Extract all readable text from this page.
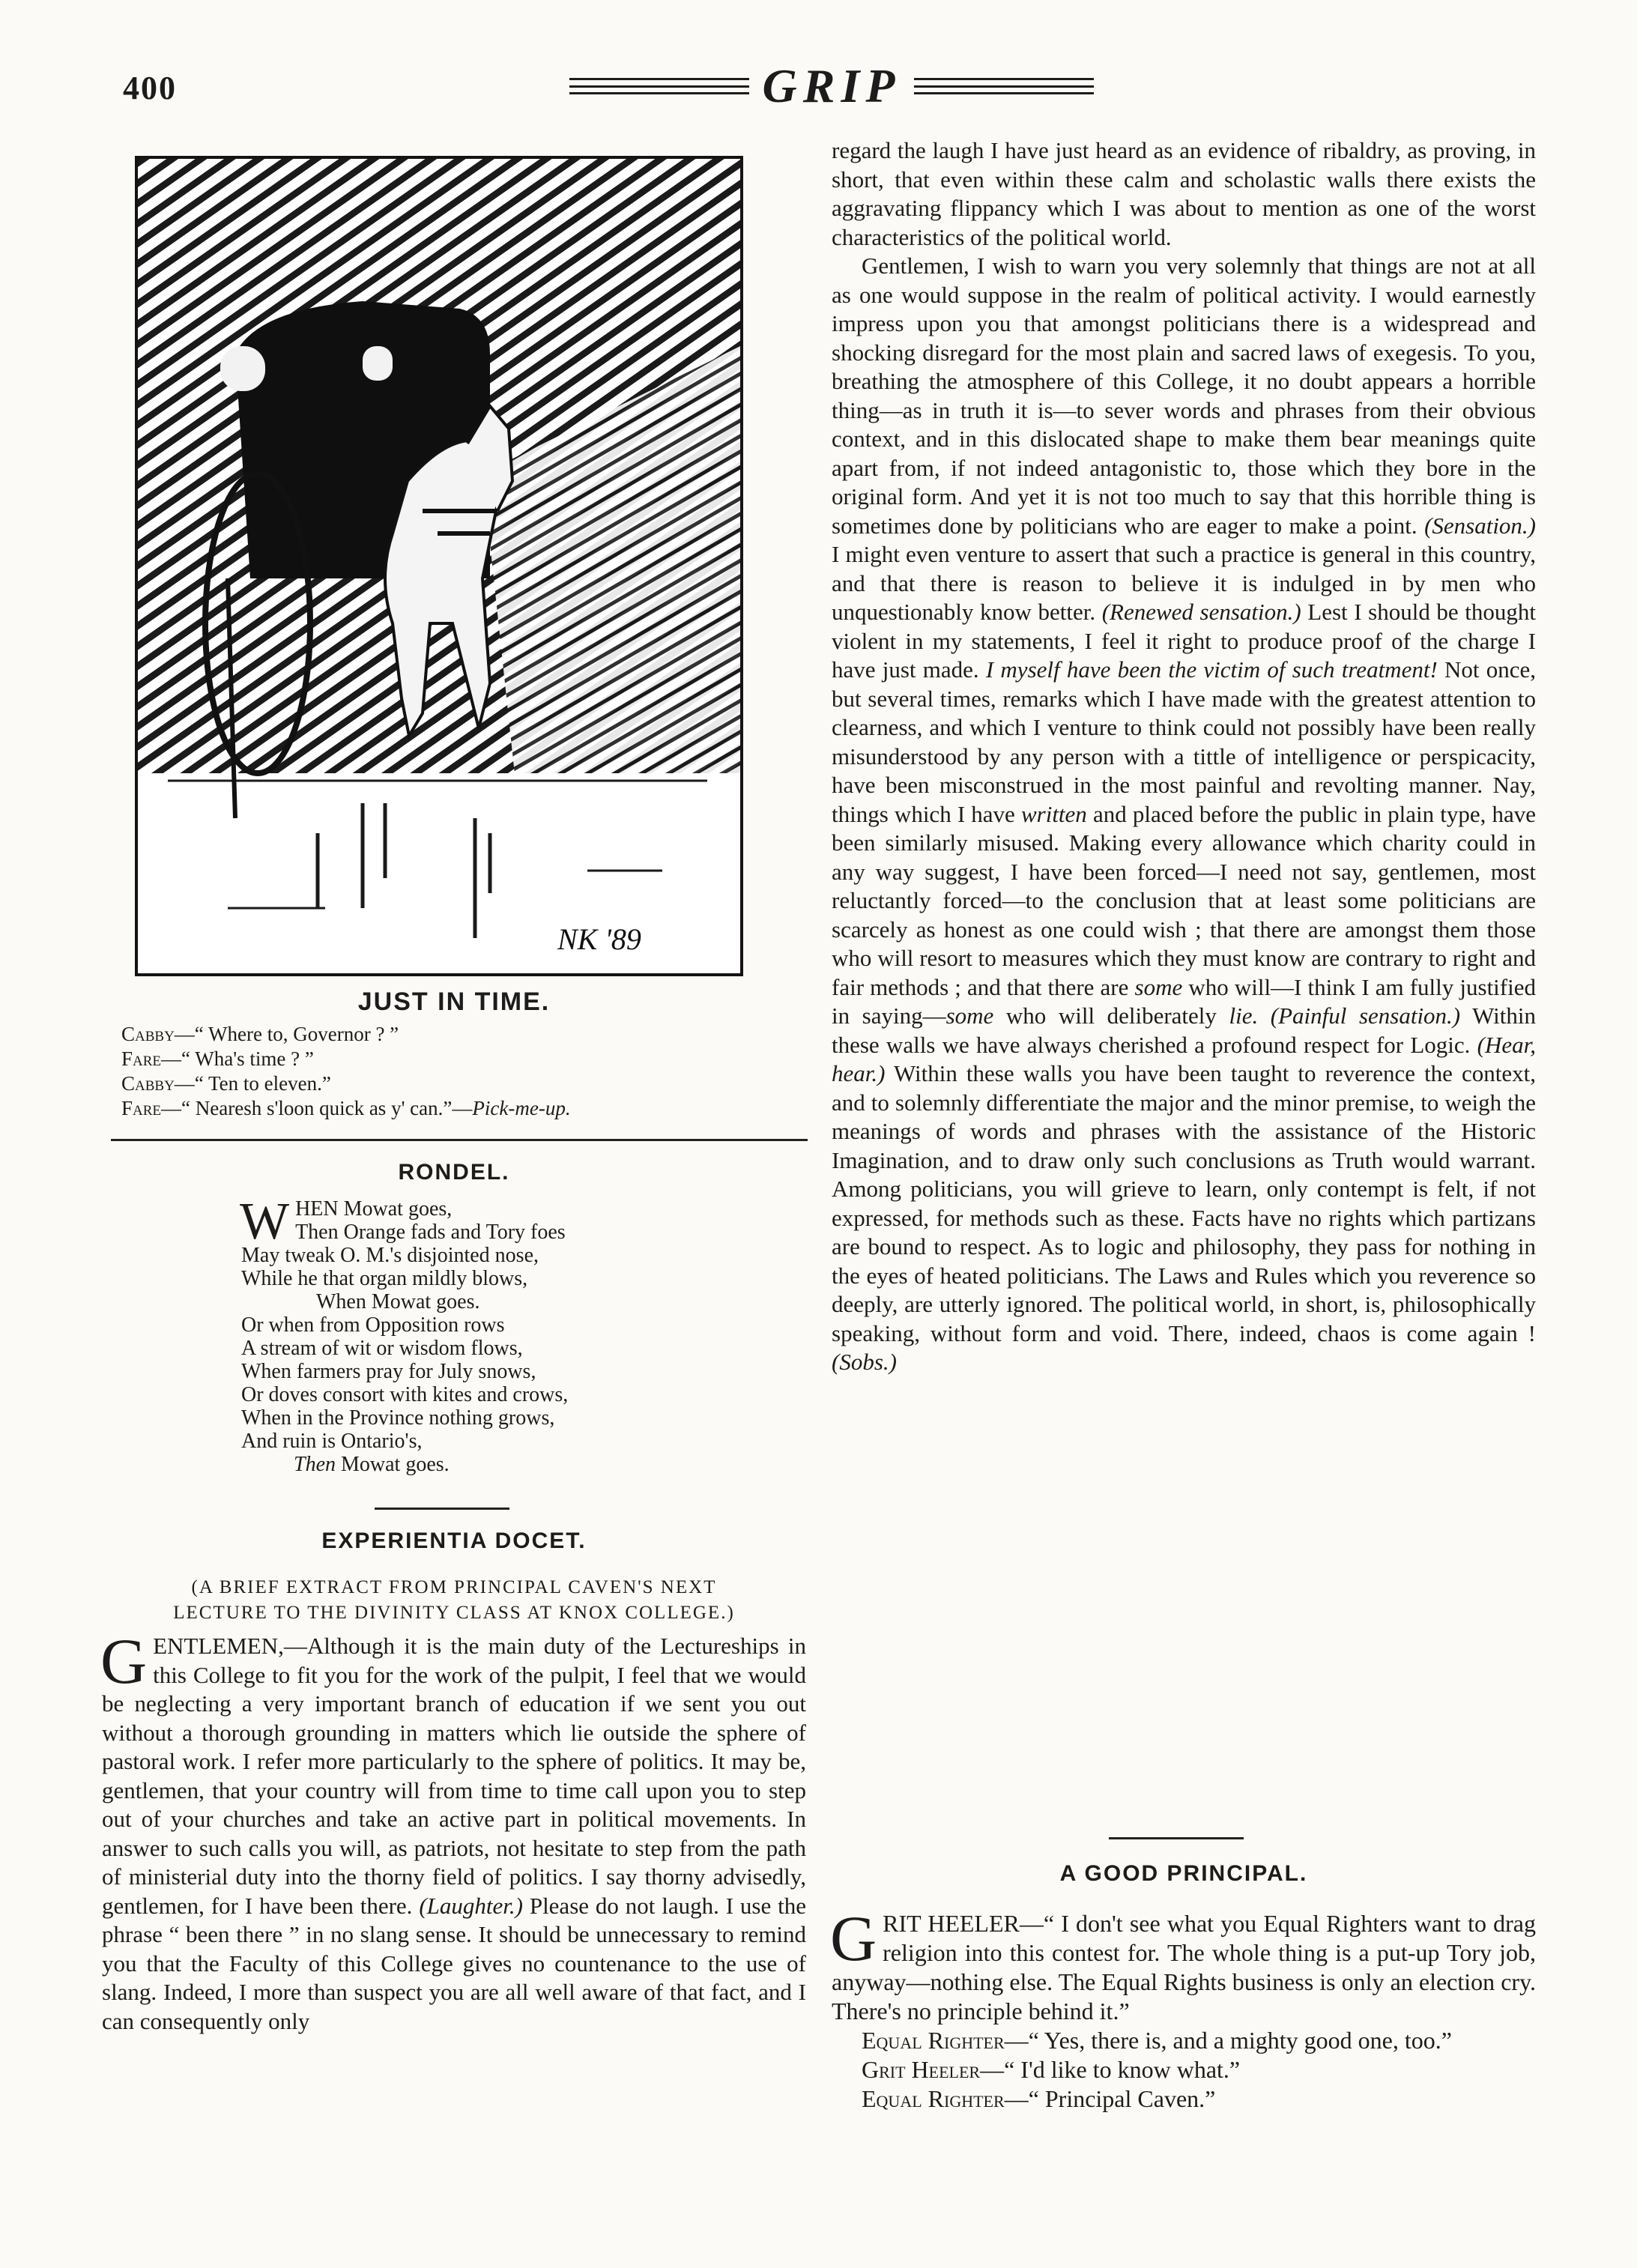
400	GRIP
NK '89
JUST IN TIME.
Cabby—“ Where to, Governor ? ”
Fare—“ Wha's time ? ”
Cabby—“ Ten to eleven.”
Fare—“ Nearesh s'loon quick as y' can.”—Pick-me-up.
RONDEL.
WHEN Mowat goes,
Then Orange fads and Tory foes
May tweak O. M.'s disjointed nose,
While he that organ mildly blows,
When Mowat goes.
Or when from Opposition rows
A stream of wit or wisdom flows,
When farmers pray for July snows,
Or doves consort with kites and crows,
When in the Province nothing grows,
And ruin is Ontario's,
Then Mowat goes.
EXPERIENTIA DOCET.
(A BRIEF EXTRACT FROM PRINCIPAL CAVEN'S NEXT
LECTURE TO THE DIVINITY CLASS AT KNOX COLLEGE.)

GENTLEMEN,—Although it is the main duty of the Lectureships in this College to fit you for the work of the pulpit, I feel that we would be neglecting a very important branch of education if we sent you out without a thorough grounding in matters which lie outside the sphere of pastoral work. I refer more particularly to the sphere of politics. It may be, gentlemen, that your country will from time to time call upon you to step out of your churches and take an active part in political movements. In answer to such calls you will, as patriots, not hesitate to step from the path of ministerial duty into the thorny field of politics. I say thorny advisedly, gentlemen, for I have been there. (Laughter.) Please do not laugh. I use the phrase “ been there ” in no slang sense. It should be unnecessary to remind you that the Faculty of this College gives no countenance to the use of slang. Indeed, I more than suspect you are all well aware of that fact, and I can consequently only

regard the laugh I have just heard as an evidence of ribaldry, as proving, in short, that even within these calm and scholastic walls there exists the aggravating flippancy which I was about to mention as one of the worst characteristics of the political world.

Gentlemen, I wish to warn you very solemnly that things are not at all as one would suppose in the realm of political activity. I would earnestly impress upon you that amongst politicians there is a widespread and shocking disregard for the most plain and sacred laws of exegesis. To you, breathing the atmosphere of this College, it no doubt appears a horrible thing—as in truth it is—to sever words and phrases from their obvious context, and in this dislocated shape to make them bear meanings quite apart from, if not indeed antagonistic to, those which they bore in the original form. And yet it is not too much to say that this horrible thing is sometimes done by politicians who are eager to make a point. (Sensation.) I might even venture to assert that such a practice is general in this country, and that there is reason to believe it is indulged in by men who unquestionably know better. (Renewed sensation.) Lest I should be thought violent in my statements, I feel it right to produce proof of the charge I have just made. I myself have been the victim of such treatment! Not once, but several times, remarks which I have made with the greatest attention to clearness, and which I venture to think could not possibly have been really misunderstood by any person with a tittle of intelligence or perspicacity, have been misconstrued in the most painful and revolting manner. Nay, things which I have written and placed before the public in plain type, have been similarly misused. Making every allowance which charity could in any way suggest, I have been forced—I need not say, gentlemen, most reluctantly forced—to the conclusion that at least some politicians are scarcely as honest as one could wish ; that there are amongst them those who will resort to measures which they must know are contrary to right and fair methods ; and that there are some who will—I think I am fully justified in saying—some who will deliberately lie. (Painful sensation.) Within these walls we have always cherished a profound respect for Logic. (Hear, hear.) Within these walls you have been taught to reverence the context, and to solemnly differentiate the major and the minor premise, to weigh the meanings of words and phrases with the assistance of the Historic Imagination, and to draw only such conclusions as Truth would warrant. Among politicians, you will grieve to learn, only contempt is felt, if not expressed, for methods such as these. Facts have no rights which partizans are bound to respect. As to logic and philosophy, they pass for nothing in the eyes of heated politicians. The Laws and Rules which you reverence so deeply, are utterly ignored. The political world, in short, is, philosophically speaking, without form and void. There, indeed, chaos is come again ! (Sobs.)

A GOOD PRINCIPAL.

GRIT HEELER—“ I don't see what you Equal Righters want to drag religion into this contest for. The whole thing is a put-up Tory job, anyway—nothing else. The Equal Rights business is only an election cry. There's no principle behind it.”

Equal Righter—“ Yes, there is, and a mighty good one, too.”

Grit Heeler—“ I'd like to know what.”

Equal Righter—“ Principal Caven.”
